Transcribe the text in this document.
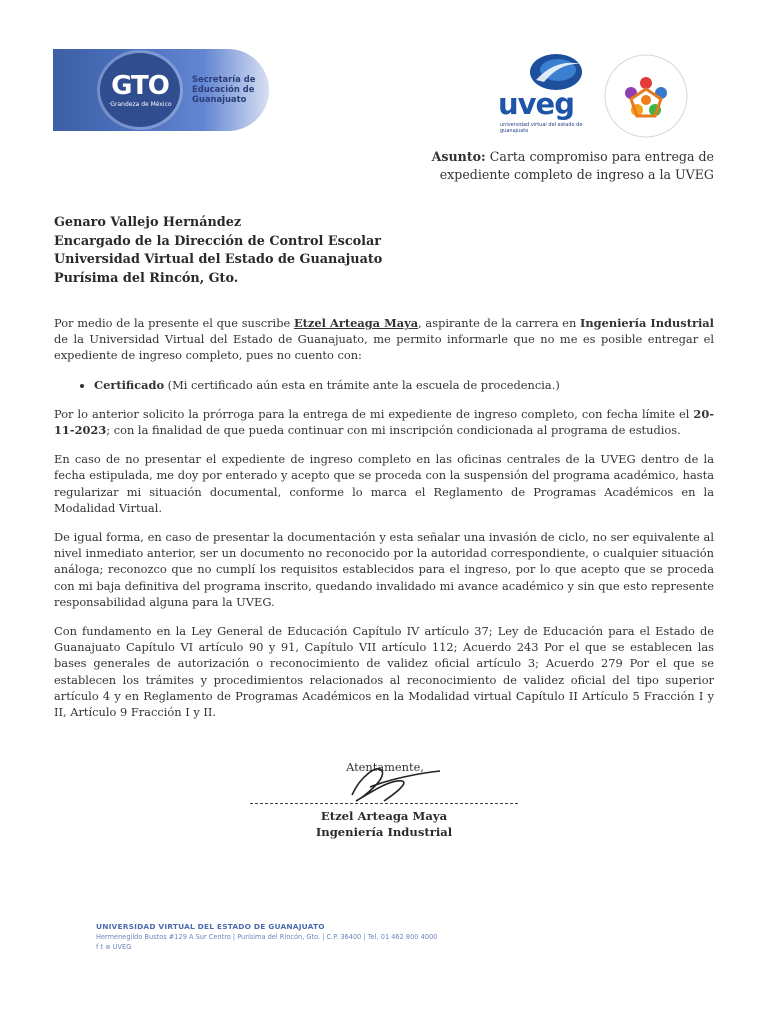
GTO
·Grandeza de México
Secretaría de Educación de Guanajuato	uveg
universidad virtual del estado de guanajuato
Asunto: Carta compromiso para entrega de expediente completo de ingreso a la UVEG
Genaro Vallejo Hernández
Encargado de la Dirección de Control Escolar
Universidad Virtual del Estado de Guanajuato
Purísima del Rincón, Gto.

Por medio de la presente el que suscribe Etzel Arteaga Maya, aspirante de la carrera en Ingeniería Industrial de la Universidad Virtual del Estado de Guanajuato, me permito informarle que no me es posible entregar el expediente de ingreso completo, pues no cuento con:

• Certificado (Mi certificado aún esta en trámite ante la escuela de procedencia.)

Por lo anterior solicito la prórroga para la entrega de mi expediente de ingreso completo, con fecha límite el 20-11-2023; con la finalidad de que pueda continuar con mi inscripción condicionada al programa de estudios.

En caso de no presentar el expediente de ingreso completo en las oficinas centrales de la UVEG dentro de la fecha estipulada, me doy por enterado y acepto que se proceda con la suspensión del programa académico, hasta regularizar mi situación documental, conforme lo marca el Reglamento de Programas Académicos en la Modalidad Virtual.

De igual forma, en caso de presentar la documentación y esta señalar una invasión de ciclo, no ser equivalente al nivel inmediato anterior, ser un documento no reconocido por la autoridad correspondiente, o cualquier situación análoga; reconozco que no cumplí los requisitos establecidos para el ingreso, por lo que acepto que se proceda con mi baja definitiva del programa inscrito, quedando invalidado mi avance académico y sin que esto represente responsabilidad alguna para la UVEG.

Con fundamento en la Ley General de Educación Capítulo IV artículo 37; Ley de Educación para el Estado de Guanajuato Capítulo VI artículo 90 y 91, Capítulo VII artículo 112; Acuerdo 243 Por el que se establecen las bases generales de autorización o reconocimiento de validez oficial artículo 3; Acuerdo 279 Por el que se establecen los trámites y procedimientos relacionados al reconocimiento de validez oficial del tipo superior artículo 4 y en Reglamento de Programas Académicos en la Modalidad virtual Capítulo II Artículo 5 Fracción I y II, Artículo 9 Fracción I y II.

Atentamente,
Etzel Arteaga Maya
Ingeniería Industrial
UNIVERSIDAD VIRTUAL DEL ESTADO DE GUANAJUATO
Hermenegildo Bustos #129 A Sur Centro | Purísima del Rincón, Gto. | C.P. 36400 | Tel. 01 462 800 4000
f t ⊚ UVEG
